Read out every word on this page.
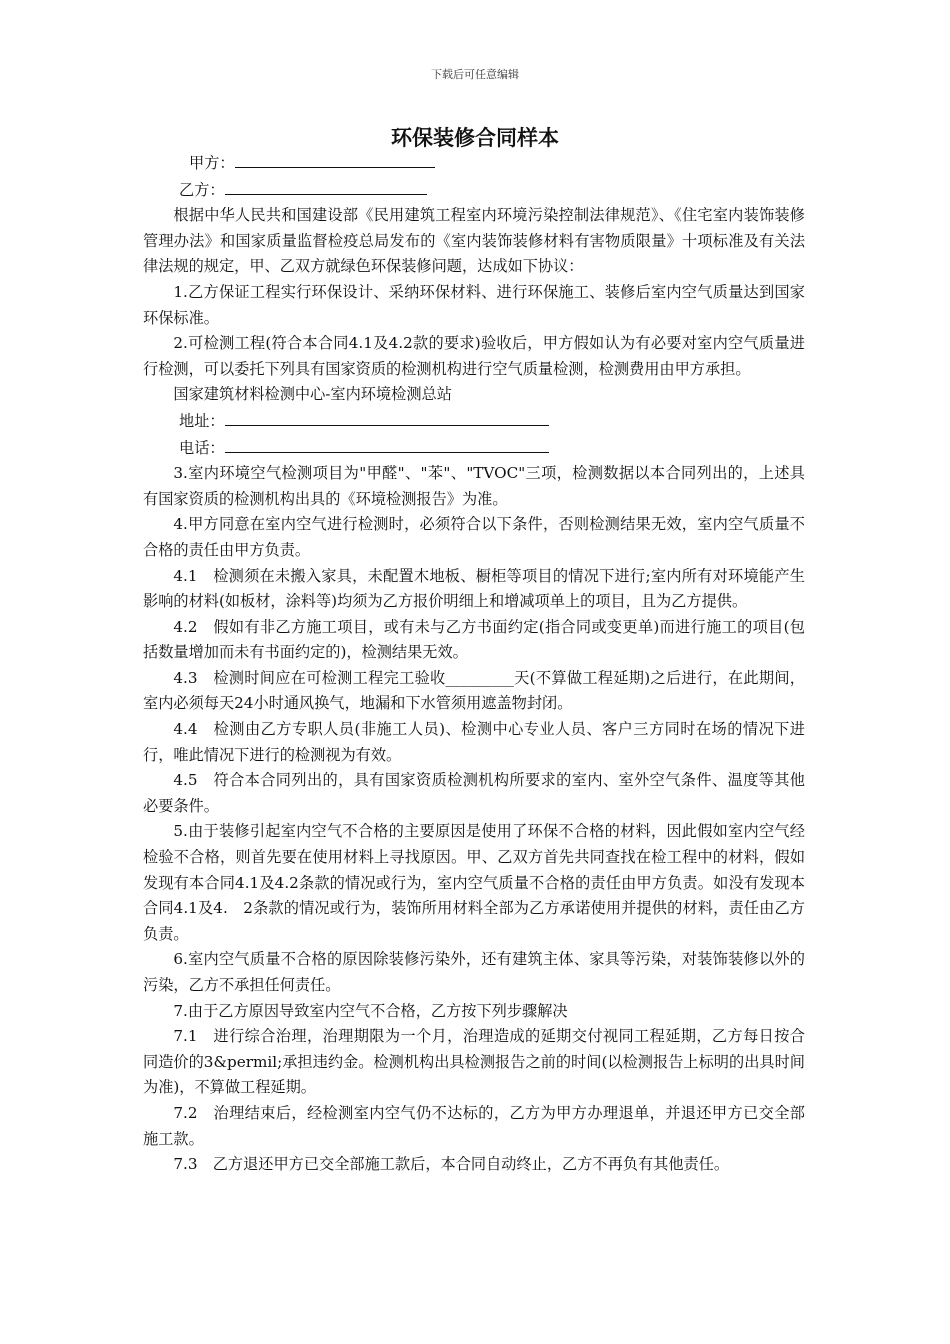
下载后可任意编辑
环保装修合同样本
甲方：
乙方：

根据中华人民共和国建设部《民用建筑工程室内环境污染控制法律规范》、《住宅室内装饰装修管理办法》和国家质量监督检疫总局发布的《室内装饰装修材料有害物质限量》十项标准及有关法律法规的规定，甲、乙双方就绿色环保装修问题，达成如下协议：

1.乙方保证工程实行环保设计、采纳环保材料、进行环保施工、装修后室内空气质量达到国家环保标准。

2.可检测工程(符合本合同4.1及4.2款的要求)验收后，甲方假如认为有必要对室内空气质量进行检测，可以委托下列具有国家资质的检测机构进行空气质量检测，检测费用由甲方承担。

国家建筑材料检测中心-室内环境检测总站

地址：
电话：

3.室内环境空气检测项目为"甲醛"、"苯"、"TVOC"三项，检测数据以本合同列出的，上述具有国家资质的检测机构出具的《环境检测报告》为准。

4.甲方同意在室内空气进行检测时，必须符合以下条件，否则检测结果无效，室内空气质量不合格的责任由甲方负责。

4.1　检测须在未搬入家具，未配置木地板、橱柜等项目的情况下进行;室内所有对环境能产生影响的材料(如板材，涂料等)均须为乙方报价明细上和增减项单上的项目，且为乙方提供。

4.2　假如有非乙方施工项目，或有未与乙方书面约定(指合同或变更单)而进行施工的项目(包括数量增加而未有书面约定的)，检测结果无效。

4.3　检测时间应在可检测工程完工验收_________天(不算做工程延期)之后进行，在此期间，室内必须每天24小时通风换气，地漏和下水管须用遮盖物封闭。

4.4　检测由乙方专职人员(非施工人员)、检测中心专业人员、客户三方同时在场的情况下进行，唯此情况下进行的检测视为有效。

4.5　符合本合同列出的，具有国家资质检测机构所要求的室内、室外空气条件、温度等其他必要条件。

5.由于装修引起室内空气不合格的主要原因是使用了环保不合格的材料，因此假如室内空气经检验不合格，则首先要在使用材料上寻找原因。甲、乙双方首先共同查找在检工程中的材料，假如发现有本合同4.1及4.2条款的情况或行为，室内空气质量不合格的责任由甲方负责。如没有发现本合同4.1及4.　2条款的情况或行为，装饰所用材料全部为乙方承诺使用并提供的材料，责任由乙方负责。

6.室内空气质量不合格的原因除装修污染外，还有建筑主体、家具等污染，对装饰装修以外的污染，乙方不承担任何责任。

7.由于乙方原因导致室内空气不合格，乙方按下列步骤解决

7.1　进行综合治理，治理期限为一个月，治理造成的延期交付视同工程延期，乙方每日按合同造价的3&permil;承担违约金。检测机构出具检测报告之前的时间(以检测报告上标明的出具时间为准)，不算做工程延期。

7.2　治理结束后，经检测室内空气仍不达标的，乙方为甲方办理退单，并退还甲方已交全部施工款。

7.3　乙方退还甲方已交全部施工款后，本合同自动终止，乙方不再负有其他责任。
